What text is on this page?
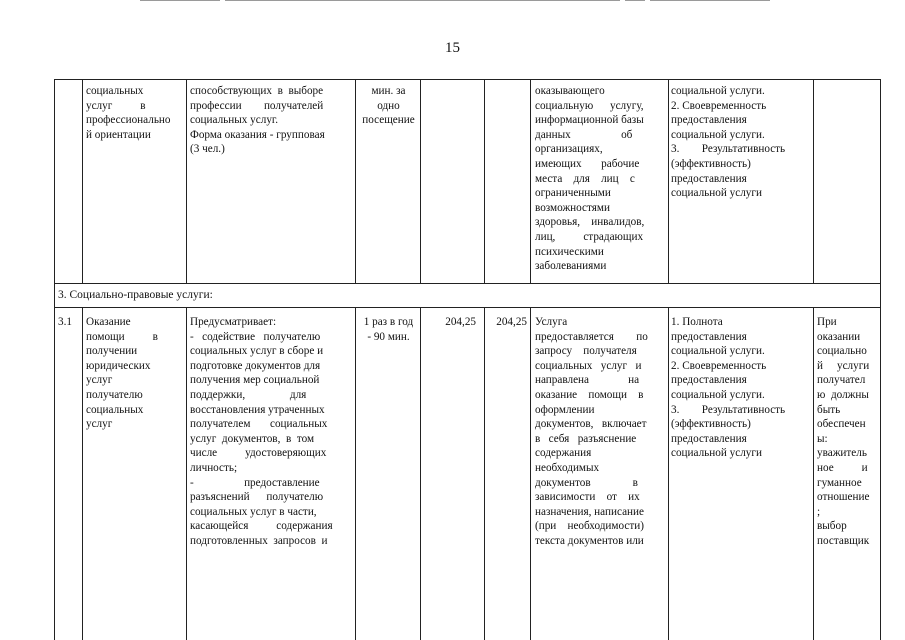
15
социальных
услуг          в
профессионально
й ориентации
способствующих  в  выборе
профессии        получателей
социальных услуг.
Форма оказания - групповая
(3 чел.)
мин. за
одно
посещение
оказывающего
социальную      услугу,
информационной базы
данных                  об
организациях,
имеющих       рабочие
места    для    лиц    с
ограниченными
возможностями
здоровья,    инвалидов,
лиц,          страдающих
психическими
заболеваниями
социальной услуги.
2. Своевременность
предоставления
социальной услуги.
3.        Результативность
(эффективность)
предоставления
социальной услуги
3. Социально-правовые услуги:
3.1	Оказание
помощи          в
получении
юридических
услуг
получателю
социальных
услуг
Предусматривает:
-   содействие   получателю
социальных услуг в сборе и
подготовке документов для
получения мер социальной
поддержки,                для
восстановления утраченных
получателем       социальных
услуг  документов,  в  том
числе          удостоверяющих
личность;
-                  предоставление
разъяснений      получателю
социальных услуг в части,
касающейся          содержания
подготовленных  запросов  и
1 раз в год
- 90 мин.
204,25	204,25 Услуга
предоставляется        по
запросу    получателя
социальных   услуг   и
направлена              на
оказание    помощи    в
оформлении
документов,   включает
в   себя   разъяснение
содержания
необходимых
документов               в
зависимости    от    их
назначения, написание
(при    необходимости)
текста документов или
1. Полнота
предоставления
социальной услуги.
2. Своевременность
предоставления
социальной услуги.
3.        Результативность
(эффективность)
предоставления
социальной услуги
При
оказании
социально
й     услуги
получател
ю  должны
быть
обеспечен
ы:
уважитель
ное          и
гуманное
отношение
;
выбор
поставщик
